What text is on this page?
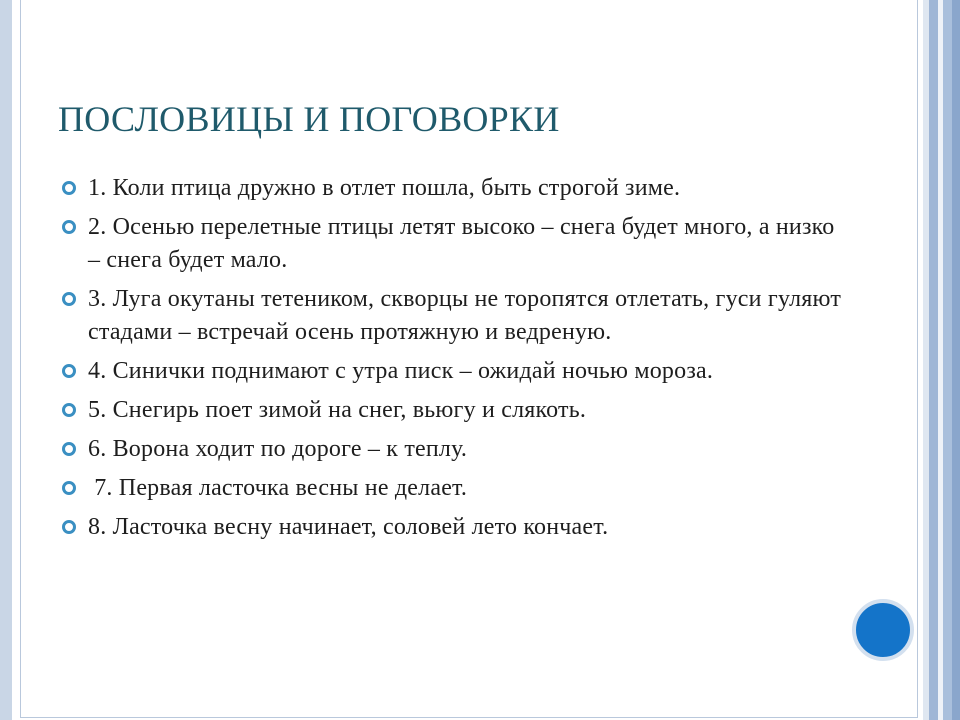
ПОСЛОВИЦЫ И ПОГОВОРКИ
1. Коли птица дружно в отлет пошла, быть строгой зиме.
2. Осенью перелетные птицы летят высоко – снега будет много, а низко – снега будет мало.
3. Луга окутаны тетеником, скворцы не торопятся отлетать, гуси гуляют стадами – встречай осень протяжную и ведреную.
4. Синички поднимают с утра писк – ожидай ночью мороза.
5. Снегирь поет зимой на снег, вьюгу и слякоть.
6. Ворона ходит по дороге – к теплу.
7. Первая ласточка весны не делает.
8. Ласточка весну начинает, соловей лето кончает.
